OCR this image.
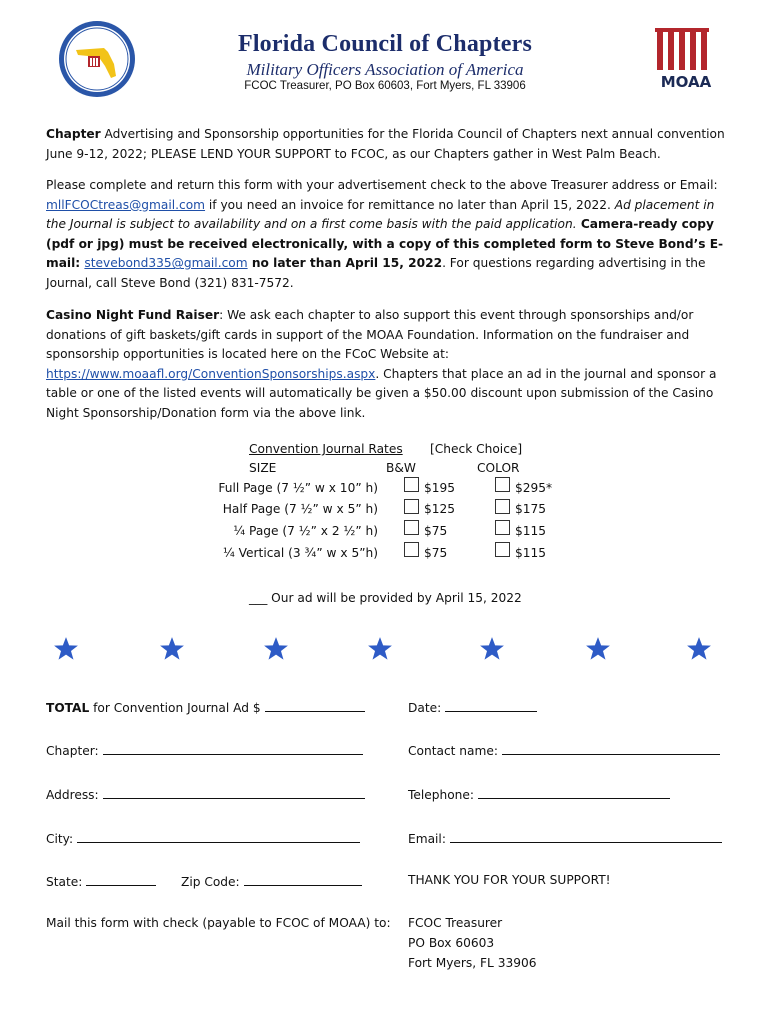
Florida Council of Chapters
Military Officers Association of America
FCOC Treasurer, PO Box 60603, Fort Myers, FL 33906	MOAA
Chapter Advertising and Sponsorship opportunities for the Florida Council of Chapters next annual convention June 9-12, 2022; PLEASE LEND YOUR SUPPORT to FCOC, as our Chapters gather in West Palm Beach.
Please complete and return this form with your advertisement check to the above Treasurer address or Email: mllFCOCtreas@gmail.com if you need an invoice for remittance no later than April 15, 2022. Ad placement in the Journal is subject to availability and on a first come basis with the paid application. Camera-ready copy (pdf or jpg) must be received electronically, with a copy of this completed form to Steve Bond’s E-mail: stevebond335@gmail.com no later than April 15, 2022. For questions regarding advertising in the Journal, call Steve Bond (321) 831-7572.
Casino Night Fund Raiser: We ask each chapter to also support this event through sponsorships and/or donations of gift baskets/gift cards in support of the MOAA Foundation. Information on the fundraiser and sponsorship opportunities is located here on the FCoC Website at: https://www.moaafl.org/ConventionSponsorships.aspx. Chapters that place an ad in the journal and sponsor a table or one of the listed events will automatically be given a $50.00 discount upon submission of the Casino Night Sponsorship/Donation form via the above link.
Convention Journal Rates [Check Choice]
SIZE	B&W	COLOR
Full Page (7 ½” w x 10” h)	$195	$295*
Half Page (7 ½” w x 5” h)	$125	$175
¼ Page (7 ½” x 2 ½” h)	$75	$115
¼ Vertical (3 ¾” w x 5”h)	$75	$115
___ Our ad will be provided by April 15, 2022
TOTAL for Convention Journal Ad $	Date:
Chapter:	Contact name:
Address:	Telephone:
City:	Email:
State:	Zip Code:	THANK YOU FOR YOUR SUPPORT!
Mail this form with check (payable to FCOC of MOAA) to: FCOC Treasurer
PO Box 60603
Fort Myers, FL 33906
